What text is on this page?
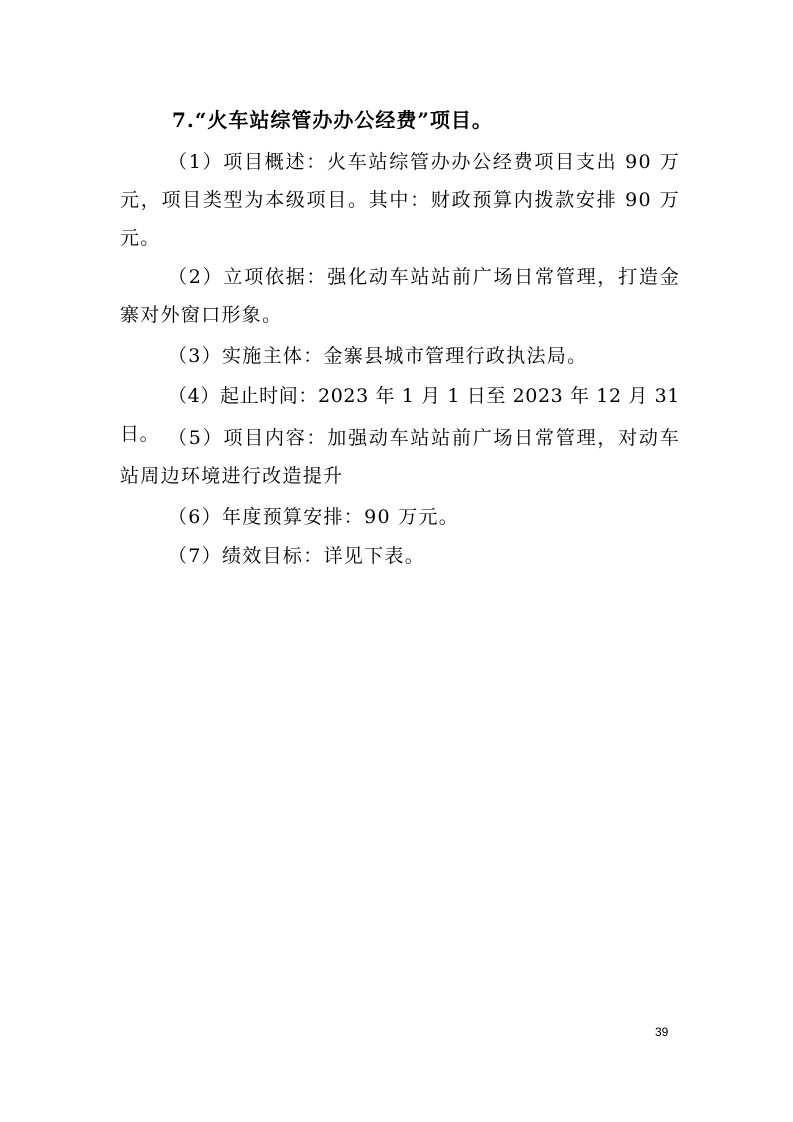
7.“火车站综管办办公经费”项目。

（1）项目概述：火车站综管办办公经费项目支出 90 万元，项目类型为本级项目。其中：财政预算内拨款安排 90 万元。

（2）立项依据：强化动车站站前广场日常管理，打造金寨对外窗口形象。

（3）实施主体：金寨县城市管理行政执法局。

（4）起止时间：2023 年 1 月 1 日至 2023 年 12 月 31 日。 （5）项目内容：加强动车站站前广场日常管理，对动车站周边环境进行改造提升

（6）年度预算安排：90 万元。

（7）绩效目标：详见下表。

39
